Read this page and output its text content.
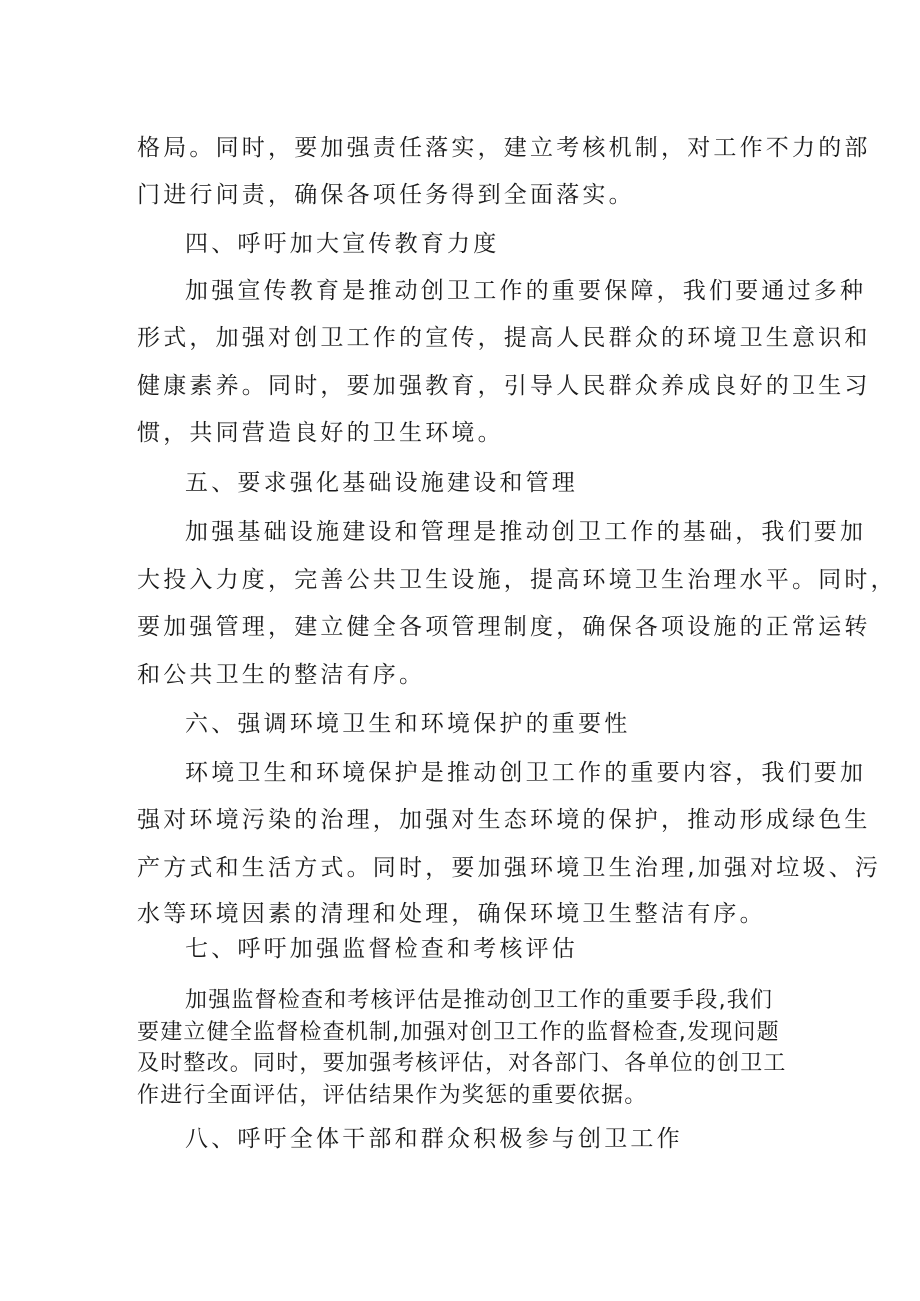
格局。同时，要加强责任落实，建立考核机制，对工作不力的部
门进行问责，确保各项任务得到全面落实。
四、呼吁加大宣传教育力度
加强宣传教育是推动创卫工作的重要保障，我们要通过多种
形式，加强对创卫工作的宣传，提高人民群众的环境卫生意识和
健康素养。同时，要加强教育，引导人民群众养成良好的卫生习
惯，共同营造良好的卫生环境。
五、要求强化基础设施建设和管理
加强基础设施建设和管理是推动创卫工作的基础，我们要加
大投入力度，完善公共卫生设施，提高环境卫生治理水平。同时，
要加强管理，建立健全各项管理制度，确保各项设施的正常运转
和公共卫生的整洁有序。
六、强调环境卫生和环境保护的重要性
环境卫生和环境保护是推动创卫工作的重要内容，我们要加
强对环境污染的治理，加强对生态环境的保护，推动形成绿色生
产方式和生活方式。同时，要加强环境卫生治理,加强对垃圾、污
水等环境因素的清理和处理，确保环境卫生整洁有序。
七、呼吁加强监督检查和考核评估
加强监督检查和考核评估是推动创卫工作的重要手段,我们
要建立健全监督检查机制,加强对创卫工作的监督检查,发现问题
及时整改。同时，要加强考核评估，对各部门、各单位的创卫工
作进行全面评估，评估结果作为奖惩的重要依据。
八、呼吁全体干部和群众积极参与创卫工作
